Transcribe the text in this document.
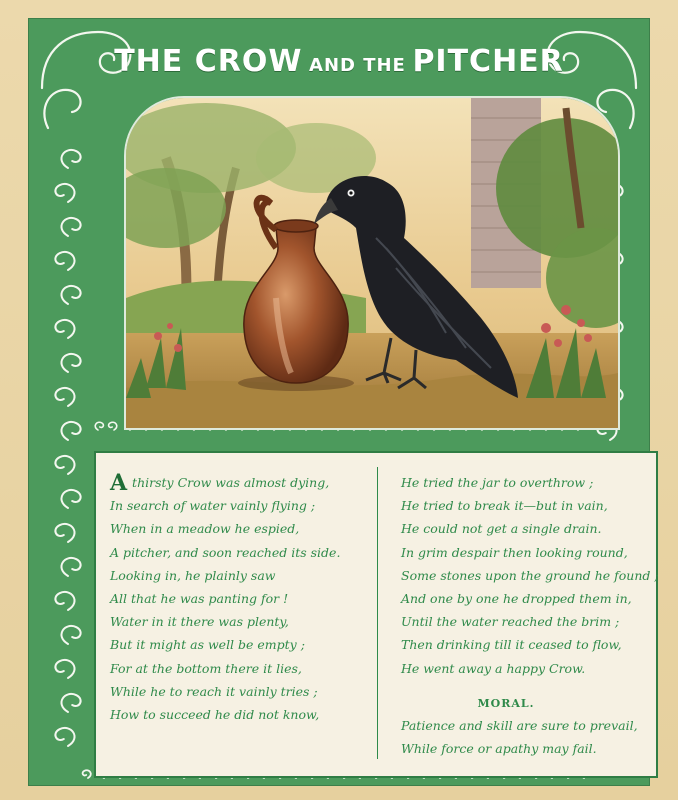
THE CROW AND THE PITCHER
A thirsty Crow was almost dying,
In search of water vainly flying ;
When in a meadow he espied,
A pitcher, and soon reached its side.
Looking in, he plainly saw
All that he was panting for !
Water in it there was plenty,
But it might as well be empty ;
For at the bottom there it lies,
While he to reach it vainly tries ;
How to succeed he did not know,
He tried the jar to overthrow ;
He tried to break it—but in vain,
He could not get a single drain.
In grim despair then looking round,
Some stones upon the ground he found ;
And one by one he dropped them in,
Until the water reached the brim ;
Then drinking till it ceased to flow,
He went away a happy Crow.
MORAL.
Patience and skill are sure to prevail,
While force or apathy may fail.
